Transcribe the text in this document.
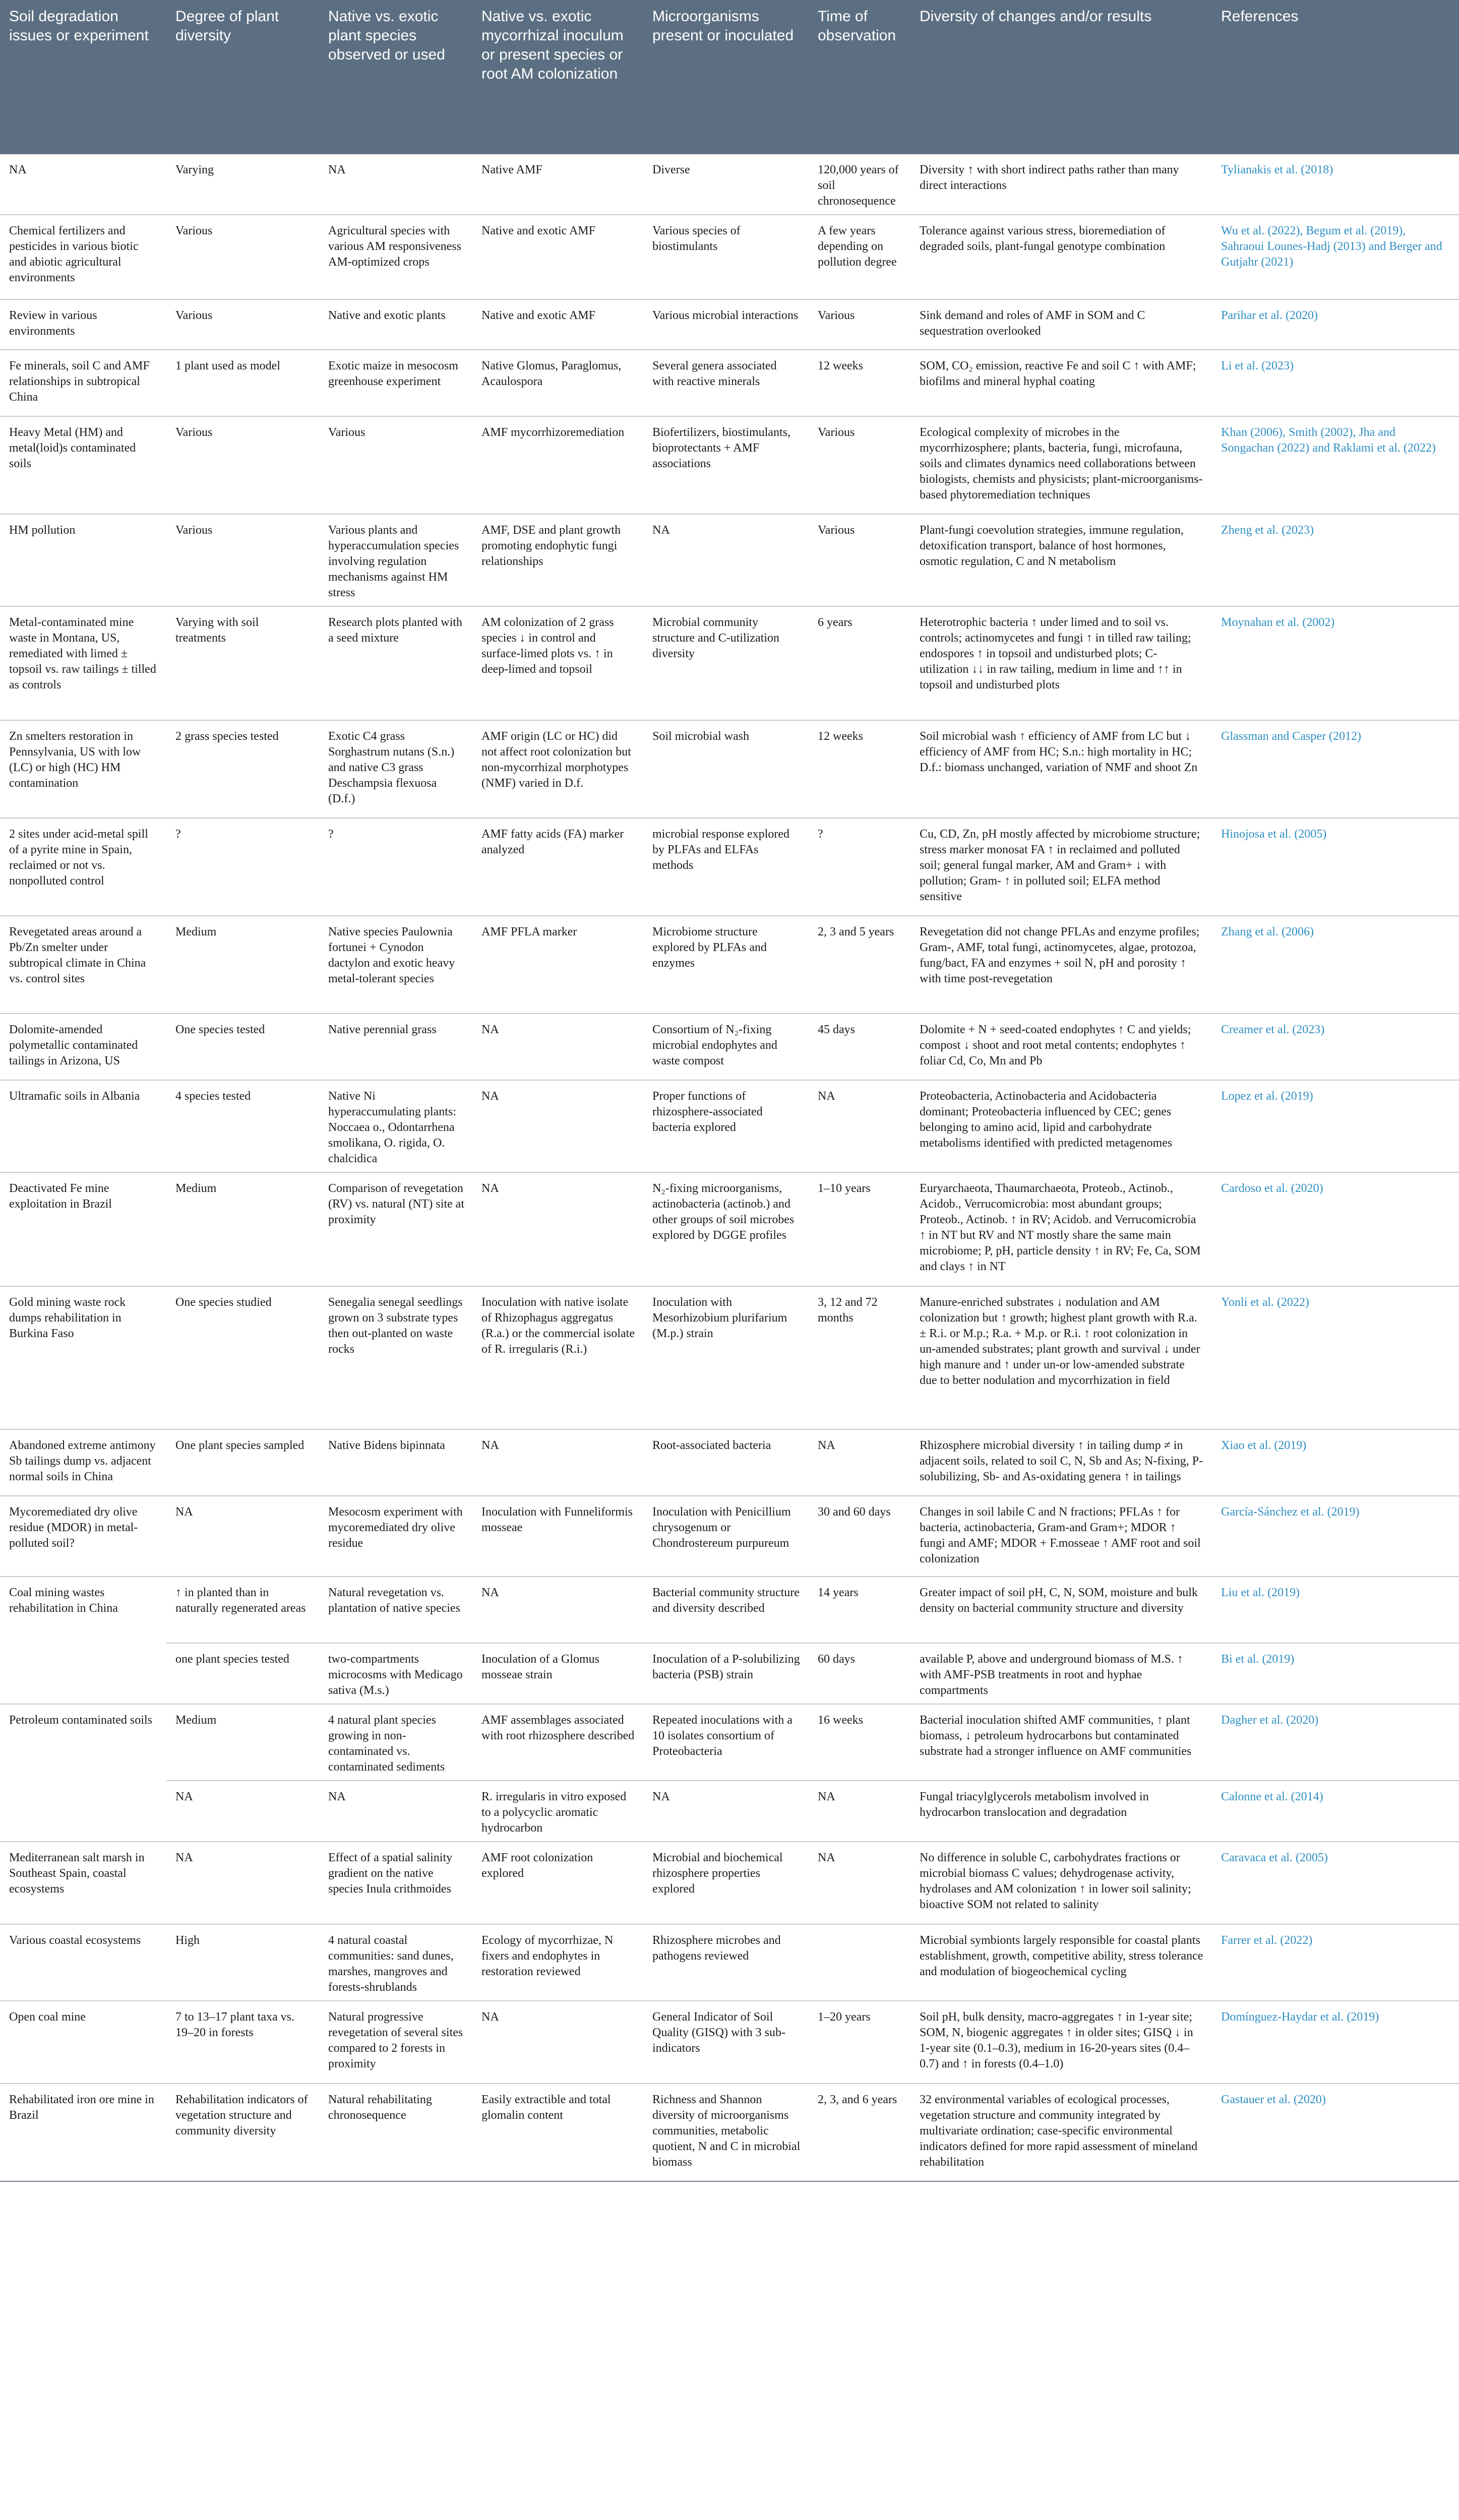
Soil degradation issues or experiment	Degree of plant diversity	Native vs. exotic plant species observed or used	Native vs. exotic mycorrhizal inoculum or present species or root AM colonization	Microorganisms present or inoculated	Time of observation	Diversity of changes and/or results	References
NA	Varying	NA	Native AMF	Diverse	120,000 years of soil chronosequence	Diversity ↑ with short indirect paths rather than many direct interactions	Tylianakis et al. (2018)
Chemical fertilizers and pesticides in various biotic and abiotic agricultural environments	Various	Agricultural species with various AM responsiveness AM-optimized crops	Native and exotic AMF	Various species of biostimulants	A few years depending on pollution degree	Tolerance against various stress, bioremediation of degraded soils, plant-fungal genotype combination	Wu et al. (2022), Begum et al. (2019), Sahraoui Lounes-Hadj (2013) and Berger and Gutjahr (2021)
Review in various environments	Various	Native and exotic plants	Native and exotic AMF	Various microbial interactions	Various	Sink demand and roles of AMF in SOM and C sequestration overlooked	Parihar et al. (2020)
Fe minerals, soil C and AMF relationships in subtropical China	1 plant used as model	Exotic maize in mesocosm greenhouse experiment	Native Glomus, Paraglomus, Acaulospora	Several genera associated with reactive minerals	12 weeks	SOM, CO₂ emission, reactive Fe and soil C ↑ with AMF; biofilms and mineral hyphal coating	Li et al. (2023)
Heavy Metal (HM) and metal(loid)s contaminated soils	Various	Various	AMF mycorrhizoremediation	Biofertilizers, biostimulants, bioprotectants + AMF associations	Various	Ecological complexity of microbes in the mycorrhizosphere; plants, bacteria, fungi, microfauna, soils and climates dynamics need collaborations between biologists, chemists and physicists; plant-microorganisms-based phytoremediation techniques	Khan (2006), Smith (2002), Jha and Songachan (2022) and Raklami et al. (2022)
HM pollution	Various	Various plants and hyperaccumulation species involving regulation mechanisms against HM stress	AMF, DSE and plant growth promoting endophytic fungi relationships	NA	Various	Plant-fungi coevolution strategies, immune regulation, detoxification transport, balance of host hormones, osmotic regulation, C and N metabolism	Zheng et al. (2023)
Metal-contaminated mine waste in Montana, US, remediated with limed ± topsoil vs. raw tailings ± tilled as controls	Varying with soil treatments	Research plots planted with a seed mixture	AM colonization of 2 grass species ↓ in control and surface-limed plots vs. ↑ in deep-limed and topsoil	Microbial community structure and C-utilization diversity	6 years	Heterotrophic bacteria ↑ under limed and to soil vs. controls; actinomycetes and fungi ↑ in tilled raw tailing; endospores ↑ in topsoil and undisturbed plots; C-utilization ↓↓ in raw tailing, medium in lime and ↑↑ in topsoil and undisturbed plots	Moynahan et al. (2002)
Zn smelters restoration in Pennsylvania, US with low (LC) or high (HC) HM contamination	2 grass species tested	Exotic C4 grass Sorghastrum nutans (S.n.) and native C3 grass Deschampsia flexuosa (D.f.)	AMF origin (LC or HC) did not affect root colonization but non-mycorrhizal morphotypes (NMF) varied in D.f.	Soil microbial wash	12 weeks	Soil microbial wash ↑ efficiency of AMF from LC but ↓ efficiency of AMF from HC; S.n.: high mortality in HC; D.f.: biomass unchanged, variation of NMF and shoot Zn	Glassman and Casper (2012)
2 sites under acid-metal spill of a pyrite mine in Spain, reclaimed or not vs. nonpolluted control	?	?	AMF fatty acids (FA) marker analyzed	microbial response explored by PLFAs and ELFAs methods	?	Cu, CD, Zn, pH mostly affected by microbiome structure; stress marker monosat FA ↑ in reclaimed and polluted soil; general fungal marker, AM and Gram+ ↓ with pollution; Gram- ↑ in polluted soil; ELFA method sensitive	Hinojosa et al. (2005)
Revegetated areas around a Pb/Zn smelter under subtropical climate in China vs. control sites	Medium	Native species Paulownia fortunei + Cynodon dactylon and exotic heavy metal-tolerant species	AMF PFLA marker	Microbiome structure explored by PLFAs and enzymes	2, 3 and 5 years	Revegetation did not change PFLAs and enzyme profiles; Gram-, AMF, total fungi, actinomycetes, algae, protozoa, fung/bact, FA and enzymes + soil N, pH and porosity ↑ with time post-revegetation	Zhang et al. (2006)
Dolomite-amended polymetallic contaminated tailings in Arizona, US	One species tested	Native perennial grass	NA	Consortium of N₂-fixing microbial endophytes and waste compost	45 days	Dolomite + N + seed-coated endophytes ↑ C and yields; compost ↓ shoot and root metal contents; endophytes ↑ foliar Cd, Co, Mn and Pb	Creamer et al. (2023)
Ultramafic soils in Albania	4 species tested	Native Ni hyperaccumulating plants: Noccaea o., Odontarrhena smolikana, O. rigida, O. chalcidica	NA	Proper functions of rhizosphere-associated bacteria explored	NA	Proteobacteria, Actinobacteria and Acidobacteria dominant; Proteobacteria influenced by CEC; genes belonging to amino acid, lipid and carbohydrate metabolisms identified with predicted metagenomes	Lopez et al. (2019)
Deactivated Fe mine exploitation in Brazil	Medium	Comparison of revegetation (RV) vs. natural (NT) site at proximity	NA	N₂-fixing microorganisms, actinobacteria (actinob.) and other groups of soil microbes explored by DGGE profiles	1–10 years	Euryarchaeota, Thaumarchaeota, Proteob., Actinob., Acidob., Verrucomicrobia: most abundant groups; Proteob., Actinob. ↑ in RV; Acidob. and Verrucomicrobia ↑ in NT but RV and NT mostly share the same main microbiome; P, pH, particle density ↑ in RV; Fe, Ca, SOM and clays ↑ in NT	Cardoso et al. (2020)
Gold mining waste rock dumps rehabilitation in Burkina Faso	One species studied	Senegalia senegal seedlings grown on 3 substrate types then out-planted on waste rocks	Inoculation with native isolate of Rhizophagus aggregatus (R.a.) or the commercial isolate of R. irregularis (R.i.)	Inoculation with Mesorhizobium plurifarium (M.p.) strain	3, 12 and 72 months	Manure-enriched substrates ↓ nodulation and AM colonization but ↑ growth; highest plant growth with R.a. ± R.i. or M.p.; R.a. + M.p. or R.i. ↑ root colonization in un-amended substrates; plant growth and survival ↓ under high manure and ↑ under un-or low-amended substrate due to better nodulation and mycorrhization in field	Yonli et al. (2022)
Abandoned extreme antimony Sb tailings dump vs. adjacent normal soils in China	One plant species sampled	Native Bidens bipinnata	NA	Root-associated bacteria	NA	Rhizosphere microbial diversity ↑ in tailing dump ≠ in adjacent soils, related to soil C, N, Sb and As; N-fixing, P-solubilizing, Sb- and As-oxidating genera ↑ in tailings	Xiao et al. (2019)
Mycoremediated dry olive residue (MDOR) in metal-polluted soil?	NA	Mesocosm experiment with mycoremediated dry olive residue	Inoculation with Funneliformis mosseae	Inoculation with Penicillium chrysogenum or Chondrostereum purpureum	30 and 60 days	Changes in soil labile C and N fractions; PFLAs ↑ for bacteria, actinobacteria, Gram-and Gram+; MDOR ↑ fungi and AMF; MDOR + F.mosseae ↑ AMF root and soil colonization	García-Sánchez et al. (2019)
Coal mining wastes rehabilitation in China	↑ in planted than in naturally regenerated areas	Natural revegetation vs. plantation of native species	NA	Bacterial community structure and diversity described	14 years	Greater impact of soil pH, C, N, SOM, moisture and bulk density on bacterial community structure and diversity	Liu et al. (2019)
	one plant species tested	two-compartments microcosms with Medicago sativa (M.s.)	Inoculation of a Glomus mosseae strain	Inoculation of a P-solubilizing bacteria (PSB) strain	60 days	available P, above and underground biomass of M.S. ↑ with AMF-PSB treatments in root and hyphae compartments	Bi et al. (2019)
Petroleum contaminated soils	Medium	4 natural plant species growing in non-contaminated vs. contaminated sediments	AMF assemblages associated with root rhizosphere described	Repeated inoculations with a 10 isolates consortium of Proteobacteria	16 weeks	Bacterial inoculation shifted AMF communities, ↑ plant biomass, ↓ petroleum hydrocarbons but contaminated substrate had a stronger influence on AMF communities	Dagher et al. (2020)
	NA	NA	R. irregularis in vitro exposed to a polycyclic aromatic hydrocarbon	NA	NA	Fungal triacylglycerols metabolism involved in hydrocarbon translocation and degradation	Calonne et al. (2014)
Mediterranean salt marsh in Southeast Spain, coastal ecosystems	NA	Effect of a spatial salinity gradient on the native species Inula crithmoides	AMF root colonization explored	Microbial and biochemical rhizosphere properties explored	NA	No difference in soluble C, carbohydrates fractions or microbial biomass C values; dehydrogenase activity, hydrolases and AM colonization ↑ in lower soil salinity; bioactive SOM not related to salinity	Caravaca et al. (2005)
Various coastal ecosystems	High	4 natural coastal communities: sand dunes, marshes, mangroves and forests-shrublands	Ecology of mycorrhizae, N fixers and endophytes in restoration reviewed	Rhizosphere microbes and pathogens reviewed		Microbial symbionts largely responsible for coastal plants establishment, growth, competitive ability, stress tolerance and modulation of biogeochemical cycling	Farrer et al. (2022)
Open coal mine	7 to 13–17 plant taxa vs. 19–20 in forests	Natural progressive revegetation of several sites compared to 2 forests in proximity	NA	General Indicator of Soil Quality (GISQ) with 3 sub-indicators	1–20 years	Soil pH, bulk density, macro-aggregates ↑ in 1-year site; SOM, N, biogenic aggregates ↑ in older sites; GISQ ↓ in 1-year site (0.1–0.3), medium in 16-20-years sites (0.4–0.7) and ↑ in forests (0.4–1.0)	Domínguez-Haydar et al. (2019)
Rehabilitated iron ore mine in Brazil	Rehabilitation indicators of vegetation structure and community diversity	Natural rehabilitating chronosequence	Easily extractible and total glomalin content	Richness and Shannon diversity of microorganisms communities, metabolic quotient, N and C in microbial biomass	2, 3, and 6 years	32 environmental variables of ecological processes, vegetation structure and community integrated by multivariate ordination; case-specific environmental indicators defined for more rapid assessment of mineland rehabilitation	Gastauer et al. (2020)
